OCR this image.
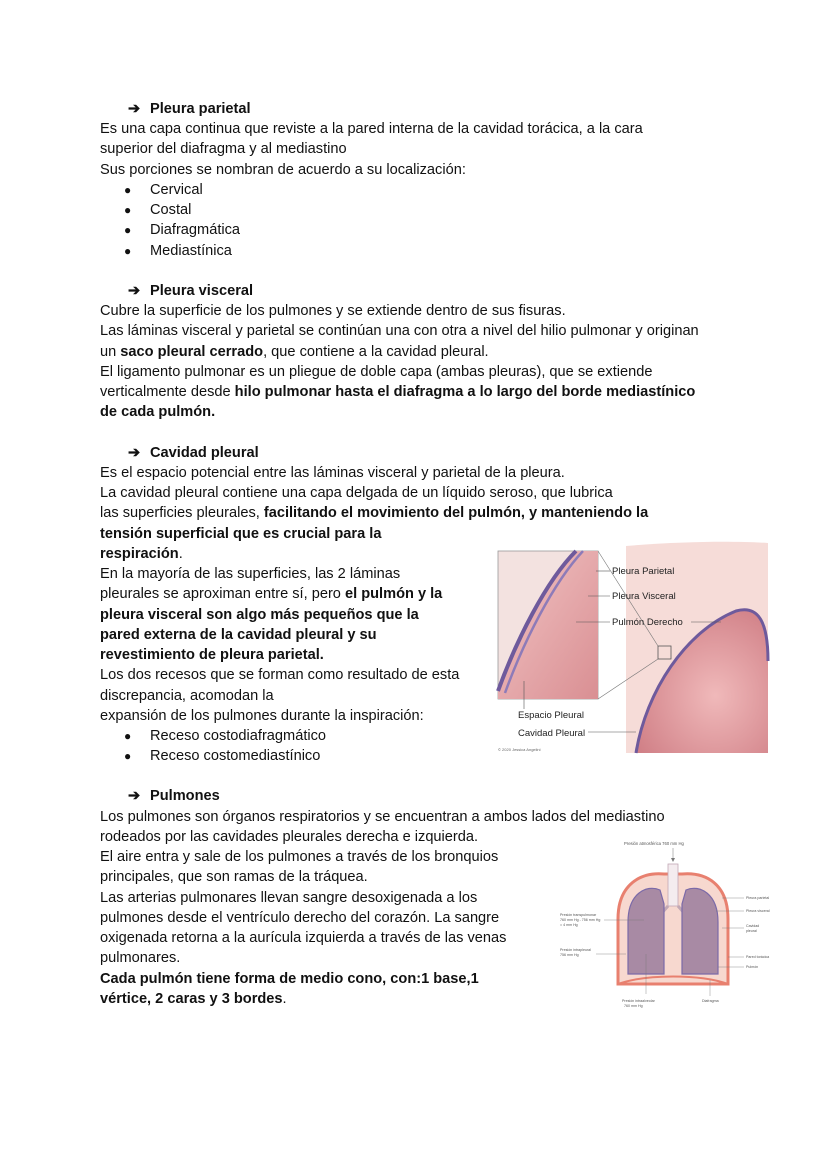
➔ Pleura parietal
Es una capa continua que reviste a la pared interna de la cavidad torácica, a la cara
superior del diafragma y al mediastino
Sus porciones se nombran de acuerdo a su localización:
● Cervical
● Costal
● Diafragmática
● Mediastínica
➔ Pleura visceral
Cubre la superficie de los pulmones y se extiende dentro de sus fisuras.
Las láminas visceral y parietal se continúan una con otra a nivel del hilio pulmonar y originan
un saco pleural cerrado, que contiene a la cavidad pleural.
El ligamento pulmonar es un pliegue de doble capa (ambas pleuras), que se extiende
verticalmente desde hilo pulmonar hasta el diafragma a lo largo del borde mediastínico
de cada pulmón.
➔ Cavidad pleural
Es el espacio potencial entre las láminas visceral y parietal de la pleura.
La cavidad pleural contiene una capa delgada de un líquido seroso, que lubrica
las superficies pleurales, facilitando el movimiento del pulmón, y manteniendo la
tensión superficial que es crucial para la
respiración.
En la mayoría de las superficies, las 2 láminas
pleurales se aproximan entre sí, pero el pulmón y la
pleura visceral son algo más pequeños que la
pared externa de la cavidad pleural y su
revestimiento de pleura parietal.
Los dos recesos que se forman como resultado de esta
discrepancia, acomodan la
expansión de los pulmones durante la inspiración:
● Receso costodiafragmático
● Receso costomediastínico
Pleura Parietal
Pleura Visceral
Pulmón Derecho
Espacio Pleural
Cavidad Pleural
© 2020 Jessica Angelini
➔ Pulmones
Los pulmones son órganos respiratorios y se encuentran a ambos lados del mediastino
rodeados por las cavidades pleurales derecha e izquierda.
El aire entra y sale de los pulmones a través de los bronquios
principales, que son ramas de la tráquea.
Las arterias pulmonares llevan sangre desoxigenada a los
pulmones desde el ventrículo derecho del corazón. La sangre
oxigenada retorna a la aurícula izquierda a través de las venas
pulmonares.
Cada pulmón tiene forma de medio cono, con:1 base,1
vértice, 2 caras y 3 bordes.
Presión atmosférica 760 mm Hg
Presión transpulmonar
760 mm Hg - 756 mm Hg
= 4 mm Hg
Presión intrapleural
756 mm Hg
Pleura parietal
Pleura visceral
Cavidad
pleural
Pared torácica
Pulmón
Presión intraalveolar
760 mm Hg
Diafragma
